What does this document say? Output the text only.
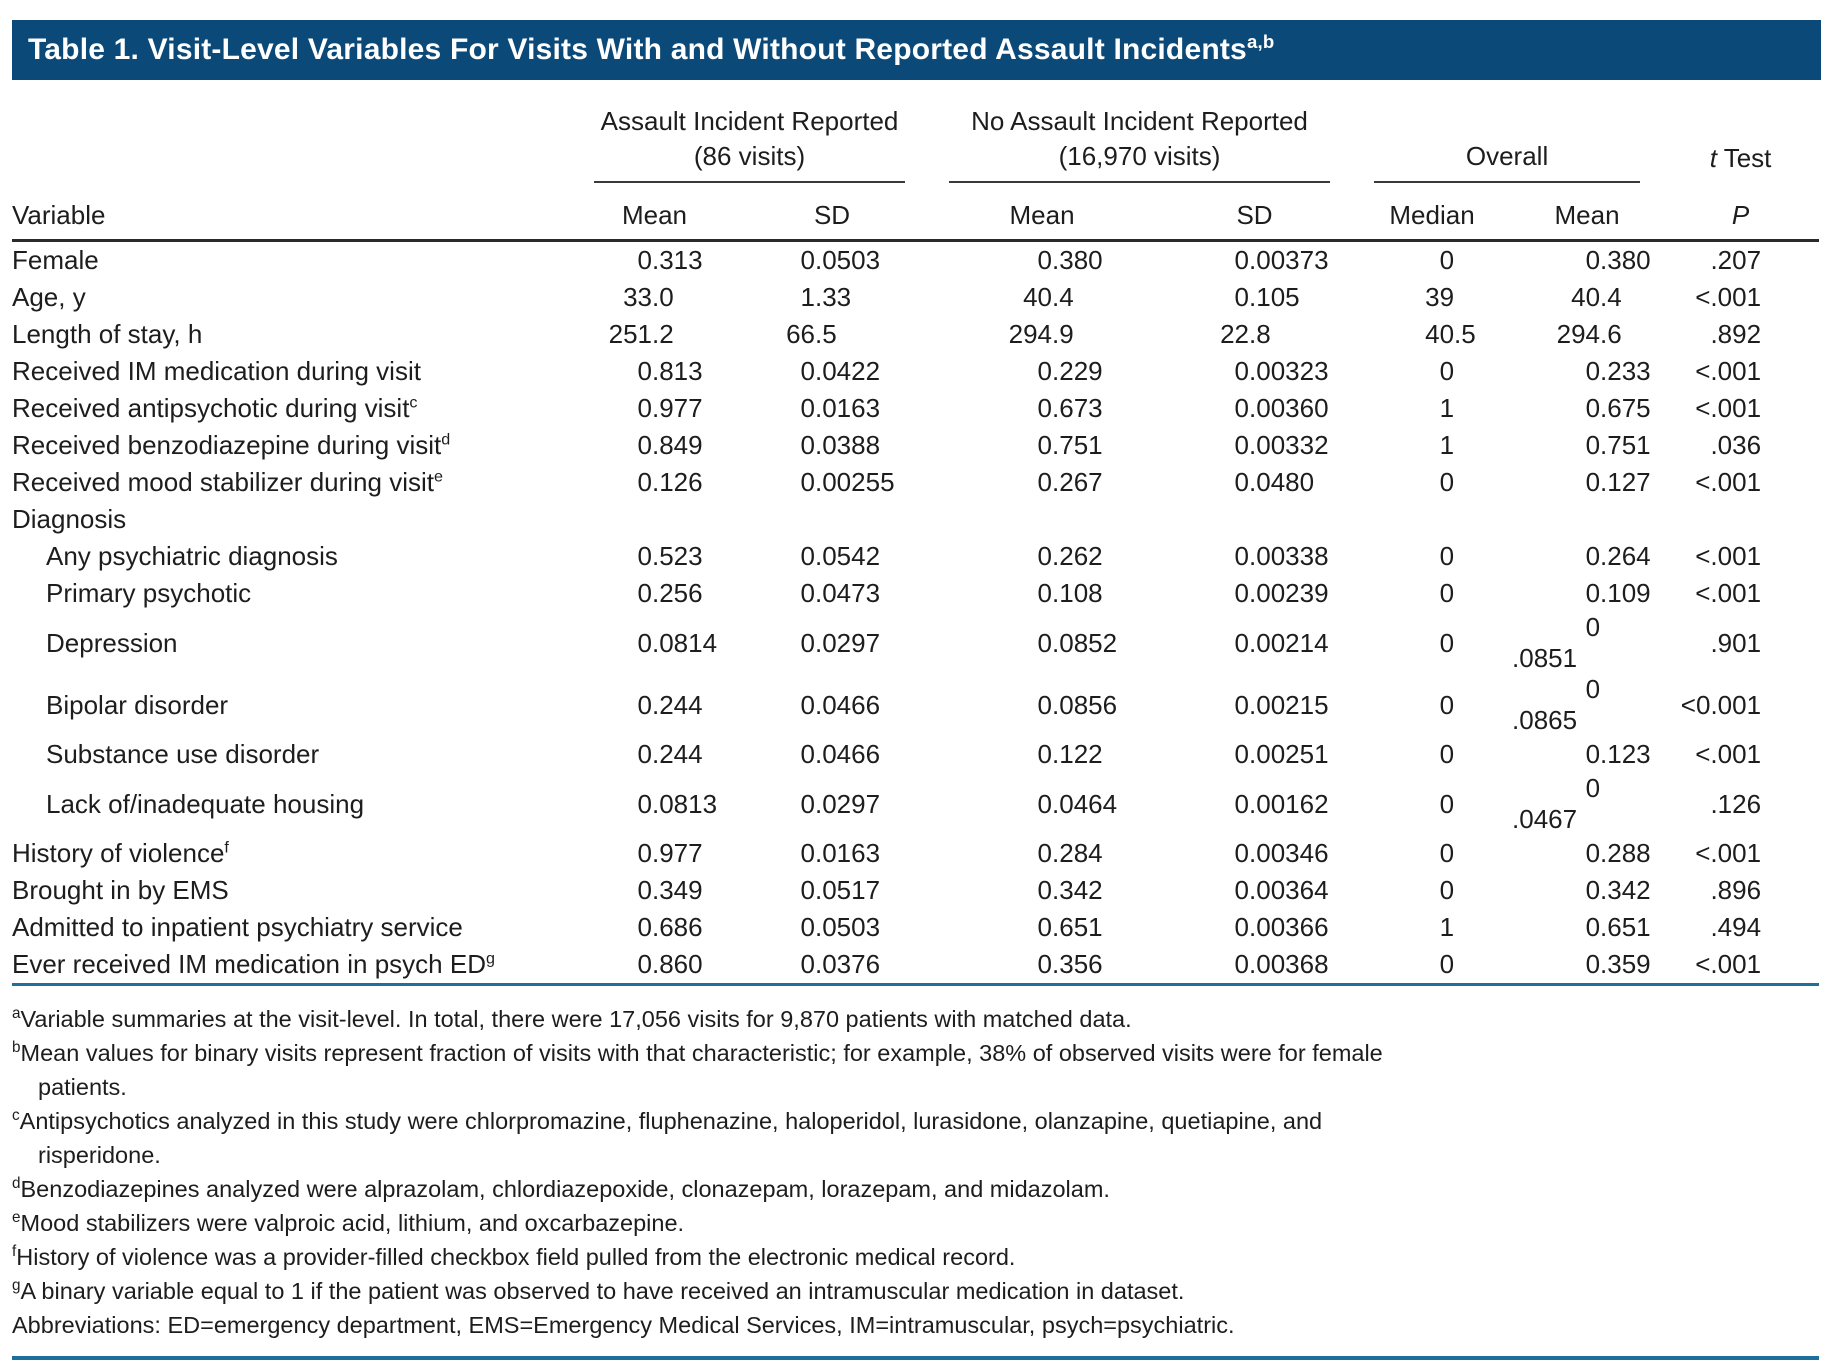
Table 1. Visit-Level Variables For Visits With and Without Reported Assault Incidents$^{a,b}$
Variable	
Assault Incident Reported
(86 visits)

No Assault Incident Reported
(16,970 visits)	Overall	t Test

	Mean	SD	Mean	SD	Median	Mean	P
Female	0.313	0.0503	0.380	0.00373	0	0.380	.207
Age, y	33.0	1.33	40.4	0.105	39	40.4	<.001
Length of stay, h	251.2	66.5	294.9	22.8	40.5	294.6	.892
Received IM medication during visit	0.813	0.0422	0.229	0.00323	0	0.233	<.001
Received antipsychotic during visit$^c$	0.977	0.0163	0.673	0.00360	1	0.675	<.001
Received benzodiazepine during visit$^d$	0.849	0.0388	0.751	0.00332	1	0.751	.036
Received mood stabilizer during visit$^e$	0.126	0.00255	0.267	0.0480	0	0.127	<.001
Diagnosis							
Any psychiatric diagnosis	0.523	0.0542	0.262	0.00338	0	0.264	<.001
Primary psychotic	0.256	0.0473	0.108	0.00239	0	0.109	<.001
Depression	0.0814	0.0297	0.0852	0.00214	0	0.0851	.901
Bipolar disorder	0.244	0.0466	0.0856	0.00215	0	0.0865	<0.001
Substance use disorder	0.244	0.0466	0.122	0.00251	0	0.123	<.001
Lack of/inadequate housing	0.0813	0.0297	0.0464	0.00162	0	0.0467	.126
History of violence$^f$	0.977	0.0163	0.284	0.00346	0	0.288	<.001
Brought in by EMS	0.349	0.0517	0.342	0.00364	0	0.342	.896
Admitted to inpatient psychiatry service	0.686	0.0503	0.651	0.00366	1	0.651	.494
Ever received IM medication in psych $ED^g$	0.860	0.0376	0.356	0.00368	0	0.359	<.001
$^a$Variable summaries at the visit-level. In total, there were 17,056 visits for 9,870 patients with matched data.
$^b$Mean values for binary visits represent fraction of visits with that characteristic; for example, 38% of observed visits were for female
patients.
$^c$Antipsychotics analyzed in this study were chlorpromazine, fluphenazine, haloperidol, lurasidone, olanzapine, quetiapine, and
risperidone.
$^d$Benzodiazepines analyzed were alprazolam, chlordiazepoxide, clonazepam, lorazepam, and midazolam.
$^e$Mood stabilizers were valproic acid, lithium, and oxcarbazepine.
$^f$History of violence was a provider-filled checkbox field pulled from the electronic medical record.
$^g$A binary variable equal to 1 if the patient was observed to have received an intramuscular medication in dataset.
Abbreviations: ED=emergency department, EMS=Emergency Medical Services, IM=intramuscular, psych=psychiatric.
